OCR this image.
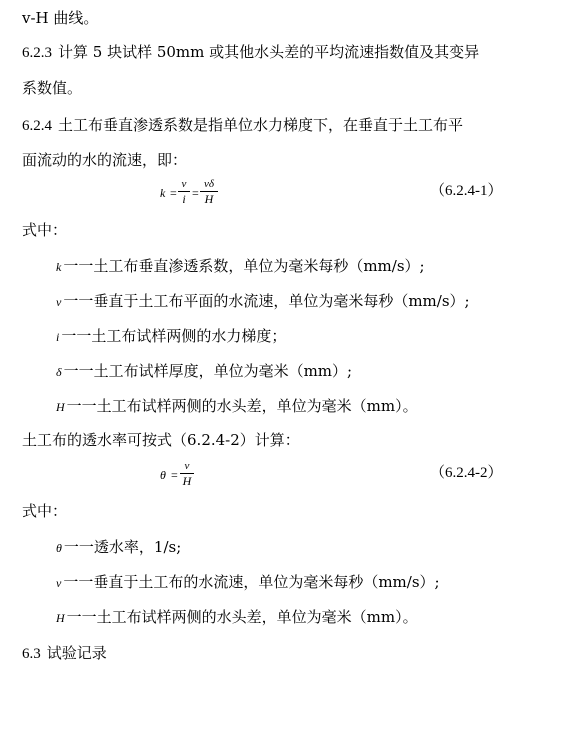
v-H 曲线。
6.2.3 计算 5 块试样 50mm 或其他水头差的平均流速指数值及其变异
系数值。
6.2.4 土工布垂直渗透系数是指单位水力梯度下，在垂直于土工布平
面流动的水的流速，即：
k =
v
i =
vδ
H	（6.2.4-1）
式中：
k 一一土工布垂直渗透系数，单位为毫米每秒（mm/s）;
v 一一垂直于土工布平面的水流速，单位为毫米每秒（mm/s）;
i 一一土工布试样两侧的水力梯度；
δ 一一土工布试样厚度，单位为毫米（mm）;
H 一一土工布试样两侧的水头差，单位为毫米（mm）。
土工布的透水率可按式（6.2.4-2）计算：
θ =
v
H	（6.2.4-2）
式中：
θ 一一透水率，1/s;
v 一一垂直于土工布的水流速，单位为毫米每秒（mm/s）;
H 一一土工布试样两侧的水头差，单位为毫米（mm）。
6.3 试验记录
